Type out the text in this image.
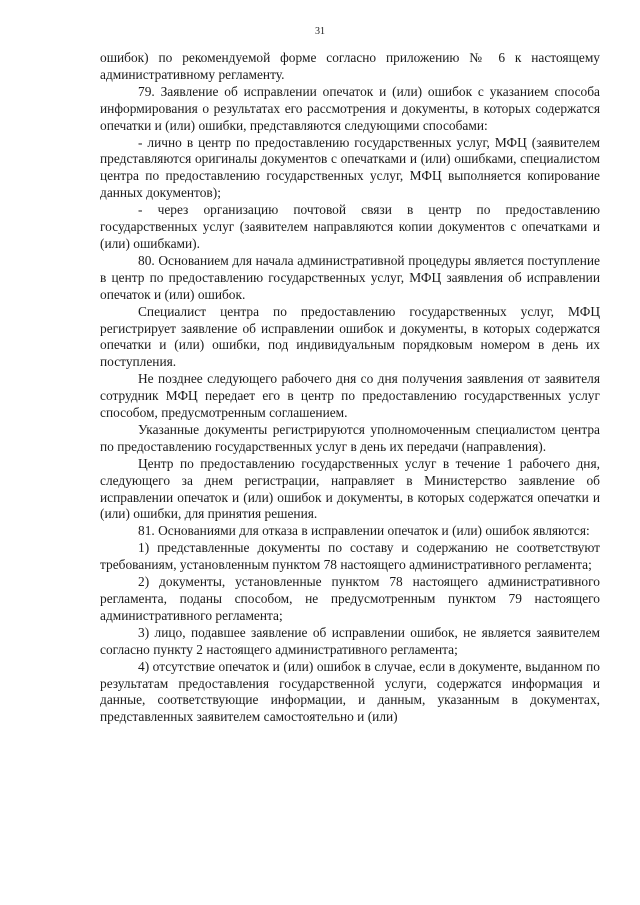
31

ошибок) по рекомендуемой форме согласно приложению № 6 к настоящему административному регламенту.

79. Заявление об исправлении опечаток и (или) ошибок с указанием способа информирования о результатах его рассмотрения и документы, в которых содержатся опечатки и (или) ошибки, представляются следующими способами:

- лично в центр по предоставлению государственных услуг, МФЦ (заявителем представляются оригиналы документов с опечатками и (или) ошибками, специалистом центра по предоставлению государственных услуг, МФЦ выполняется копирование данных документов);

- через организацию почтовой связи в центр по предоставлению государственных услуг (заявителем направляются копии документов с опечатками и (или) ошибками).

80. Основанием для начала административной процедуры является поступление в центр по предоставлению государственных услуг, МФЦ заявления об исправлении опечаток и (или) ошибок.

Специалист центра по предоставлению государственных услуг, МФЦ регистрирует заявление об исправлении ошибок и документы, в которых содержатся опечатки и (или) ошибки, под индивидуальным порядковым номером в день их поступления.

Не позднее следующего рабочего дня со дня получения заявления от заявителя сотрудник МФЦ передает его в центр по предоставлению государственных услуг способом, предусмотренным соглашением.

Указанные документы регистрируются уполномоченным специалистом центра по предоставлению государственных услуг в день их передачи (направления).

Центр по предоставлению государственных услуг в течение 1 рабочего дня, следующего за днем регистрации, направляет в Министерство заявление об исправлении опечаток и (или) ошибок и документы, в которых содержатся опечатки и (или) ошибки, для принятия решения.

81. Основаниями для отказа в исправлении опечаток и (или) ошибок являются:

1) представленные документы по составу и содержанию не соответствуют требованиям, установленным пунктом 78 настоящего административного регламента;

2) документы, установленные пунктом 78 настоящего административного регламента, поданы способом, не предусмотренным пунктом 79 настоящего административного регламента;

3) лицо, подавшее заявление об исправлении ошибок, не является заявителем согласно пункту 2 настоящего административного регламента;

4) отсутствие опечаток и (или) ошибок в случае, если в документе, выданном по результатам предоставления государственной услуги, содержатся информация и данные, соответствующие информации, и данным, указанным в документах, представленных заявителем самостоятельно и (или)
